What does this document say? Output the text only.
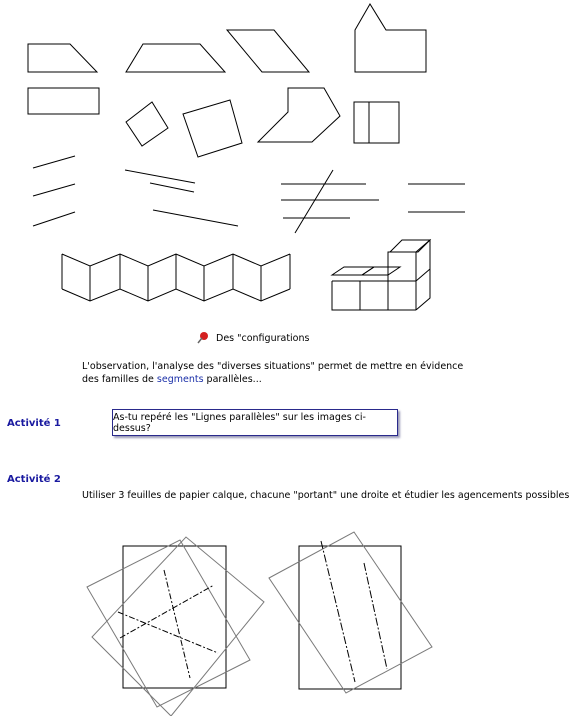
Des "configurations
L'observation, l'analyse des "diverses situations" permet de mettre en évidence des familles de segments parallèles...
Activité 1
As-tu repéré les "Lignes parallèles" sur les images ci-dessus?
Activité 2
Utiliser 3 feuilles de papier calque, chacune "portant" une droite et étudier les agencements possibles
